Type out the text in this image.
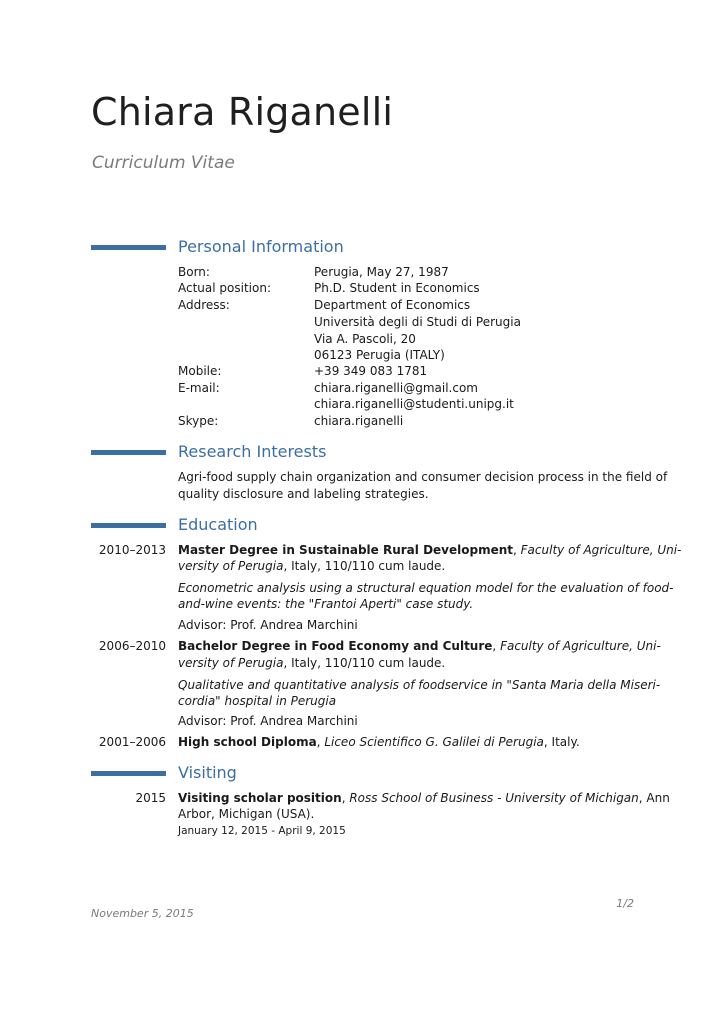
Chiara Riganelli

Curriculum Vitae

Personal Information
Born:	Perugia, May 27, 1987
Actual position:	Ph.D. Student in Economics
Address:	Department of Economics
Università degli di Studi di Perugia
Via A. Pascoli, 20
06123 Perugia (ITALY)
Mobile:	+39 349 083 1781
E-mail:	chiara.riganelli@gmail.com
chiara.riganelli@studenti.unipg.it
Skype:	chiara.riganelli
Research Interests
Agri-food supply chain organization and consumer decision process in the field of
quality disclosure and labeling strategies.
Education
2010–2013 Master Degree in Sustainable Rural Development, Faculty of Agriculture, Uni-
versity of Perugia, Italy, 110/110 cum laude.
Econometric analysis using a structural equation model for the evaluation of food-
and-wine events: the "Frantoi Aperti" case study.
Advisor: Prof. Andrea Marchini
2006–2010 Bachelor Degree in Food Economy and Culture, Faculty of Agriculture, Uni-
versity of Perugia, Italy, 110/110 cum laude.
Qualitative and quantitative analysis of foodservice in "Santa Maria della Miseri-
cordia" hospital in Perugia
Advisor: Prof. Andrea Marchini
2001–2006 High school Diploma, Liceo Scientifico G. Galilei di Perugia, Italy.
Visiting
2015 Visiting scholar position, Ross School of Business - University of Michigan, Ann
Arbor, Michigan (USA).
January 12, 2015 - April 9, 2015
1/2
November 5, 2015
